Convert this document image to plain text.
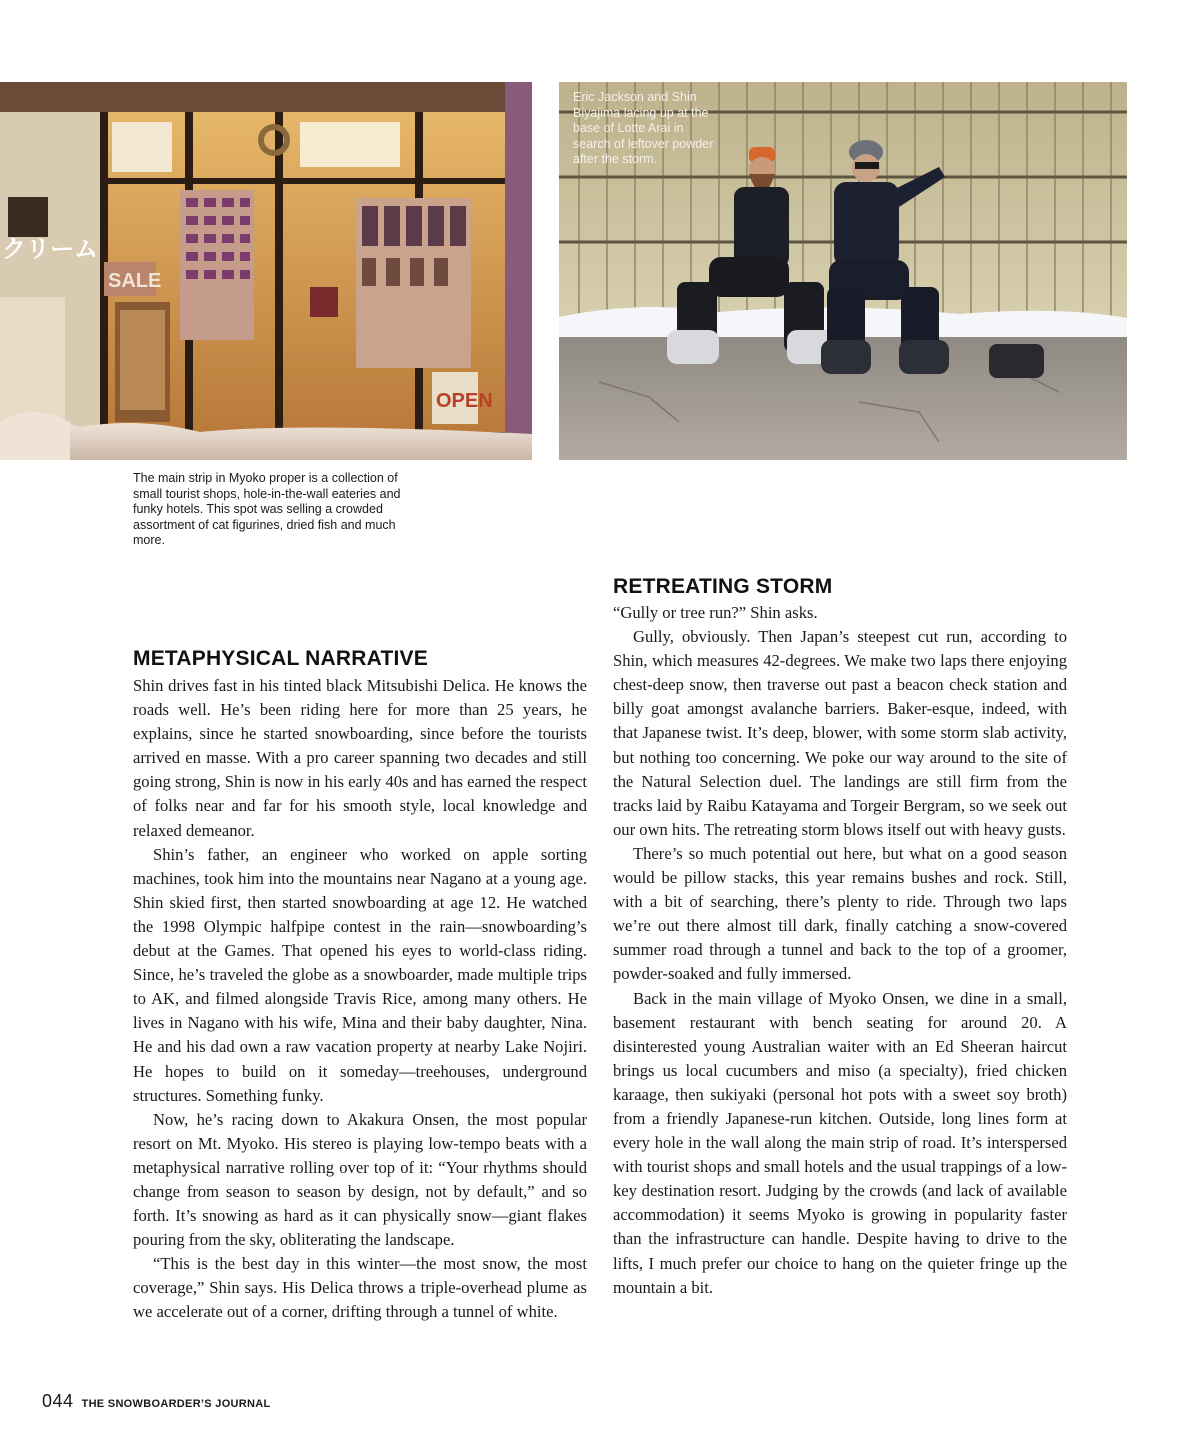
OPEN
クリーム
SALE
Eric Jackson and Shin Biyajima lacing up at the base of Lotte Arai in search of leftover powder after the storm.
The main strip in Myoko proper is a collection of small tourist shops, hole-in-the-wall eateries and funky hotels. This spot was selling a crowded assortment of cat figurines, dried fish and much more.
METAPHYSICAL NARRATIVE

Shin drives fast in his tinted black Mitsubishi Delica. He knows the roads well. He’s been riding here for more than 25 years, he explains, since he started snowboarding, since before the tourists arrived en masse. With a pro career spanning two decades and still going strong, Shin is now in his early 40s and has earned the respect of folks near and far for his smooth style, local knowledge and relaxed demeanor.

Shin’s father, an engineer who worked on apple sorting machines, took him into the mountains near Nagano at a young age. Shin skied first, then started snowboarding at age 12. He watched the 1998 Olympic halfpipe contest in the rain—snowboarding’s debut at the Games. That opened his eyes to world-class riding. Since, he’s traveled the globe as a snowboarder, made multiple trips to AK, and filmed alongside Travis Rice, among many others. He lives in Nagano with his wife, Mina and their baby daughter, Nina. He and his dad own a raw vacation property at nearby Lake Nojiri. He hopes to build on it someday—treehouses, underground structures. Something funky.

Now, he’s racing down to Akakura Onsen, the most popular resort on Mt. Myoko. His stereo is playing low-tempo beats with a metaphysical narrative rolling over top of it: “Your rhythms should change from season to season by design, not by default,” and so forth. It’s snowing as hard as it can physically snow—giant flakes pouring from the sky, obliterating the landscape.

“This is the best day in this winter—the most snow, the most coverage,” Shin says. His Delica throws a triple-overhead plume as we accelerate out of a corner, drifting through a tunnel of white.

RETREATING STORM

“Gully or tree run?” Shin asks.

Gully, obviously. Then Japan’s steepest cut run, according to Shin, which measures 42-degrees. We make two laps there enjoying chest-deep snow, then traverse out past a beacon check station and billy goat amongst avalanche barriers. Baker-esque, indeed, with that Japanese twist. It’s deep, blower, with some storm slab activity, but nothing too concerning. We poke our way around to the site of the Natural Selection duel. The landings are still firm from the tracks laid by Raibu Katayama and Torgeir Bergram, so we seek out our own hits. The retreating storm blows itself out with heavy gusts.

There’s so much potential out here, but what on a good season would be pillow stacks, this year remains bushes and rock. Still, with a bit of searching, there’s plenty to ride. Through two laps we’re out there almost till dark, finally catching a snow-covered summer road through a tunnel and back to the top of a groomer, powder-soaked and fully immersed.

Back in the main village of Myoko Onsen, we dine in a small, basement restaurant with bench seating for around 20. A disinterested young Australian waiter with an Ed Sheeran haircut brings us local cucumbers and miso (a specialty), fried chicken karaage, then sukiyaki (personal hot pots with a sweet soy broth) from a friendly Japanese-run kitchen. Outside, long lines form at every hole in the wall along the main strip of road. It’s interspersed with tourist shops and small hotels and the usual trappings of a low-key destination resort. Judging by the crowds (and lack of available accommodation) it seems Myoko is growing in popularity faster than the infrastructure can handle. Despite having to drive to the lifts, I much prefer our choice to hang on the quieter fringe up the mountain a bit.

044 THE SNOWBOARDER’S JOURNAL
